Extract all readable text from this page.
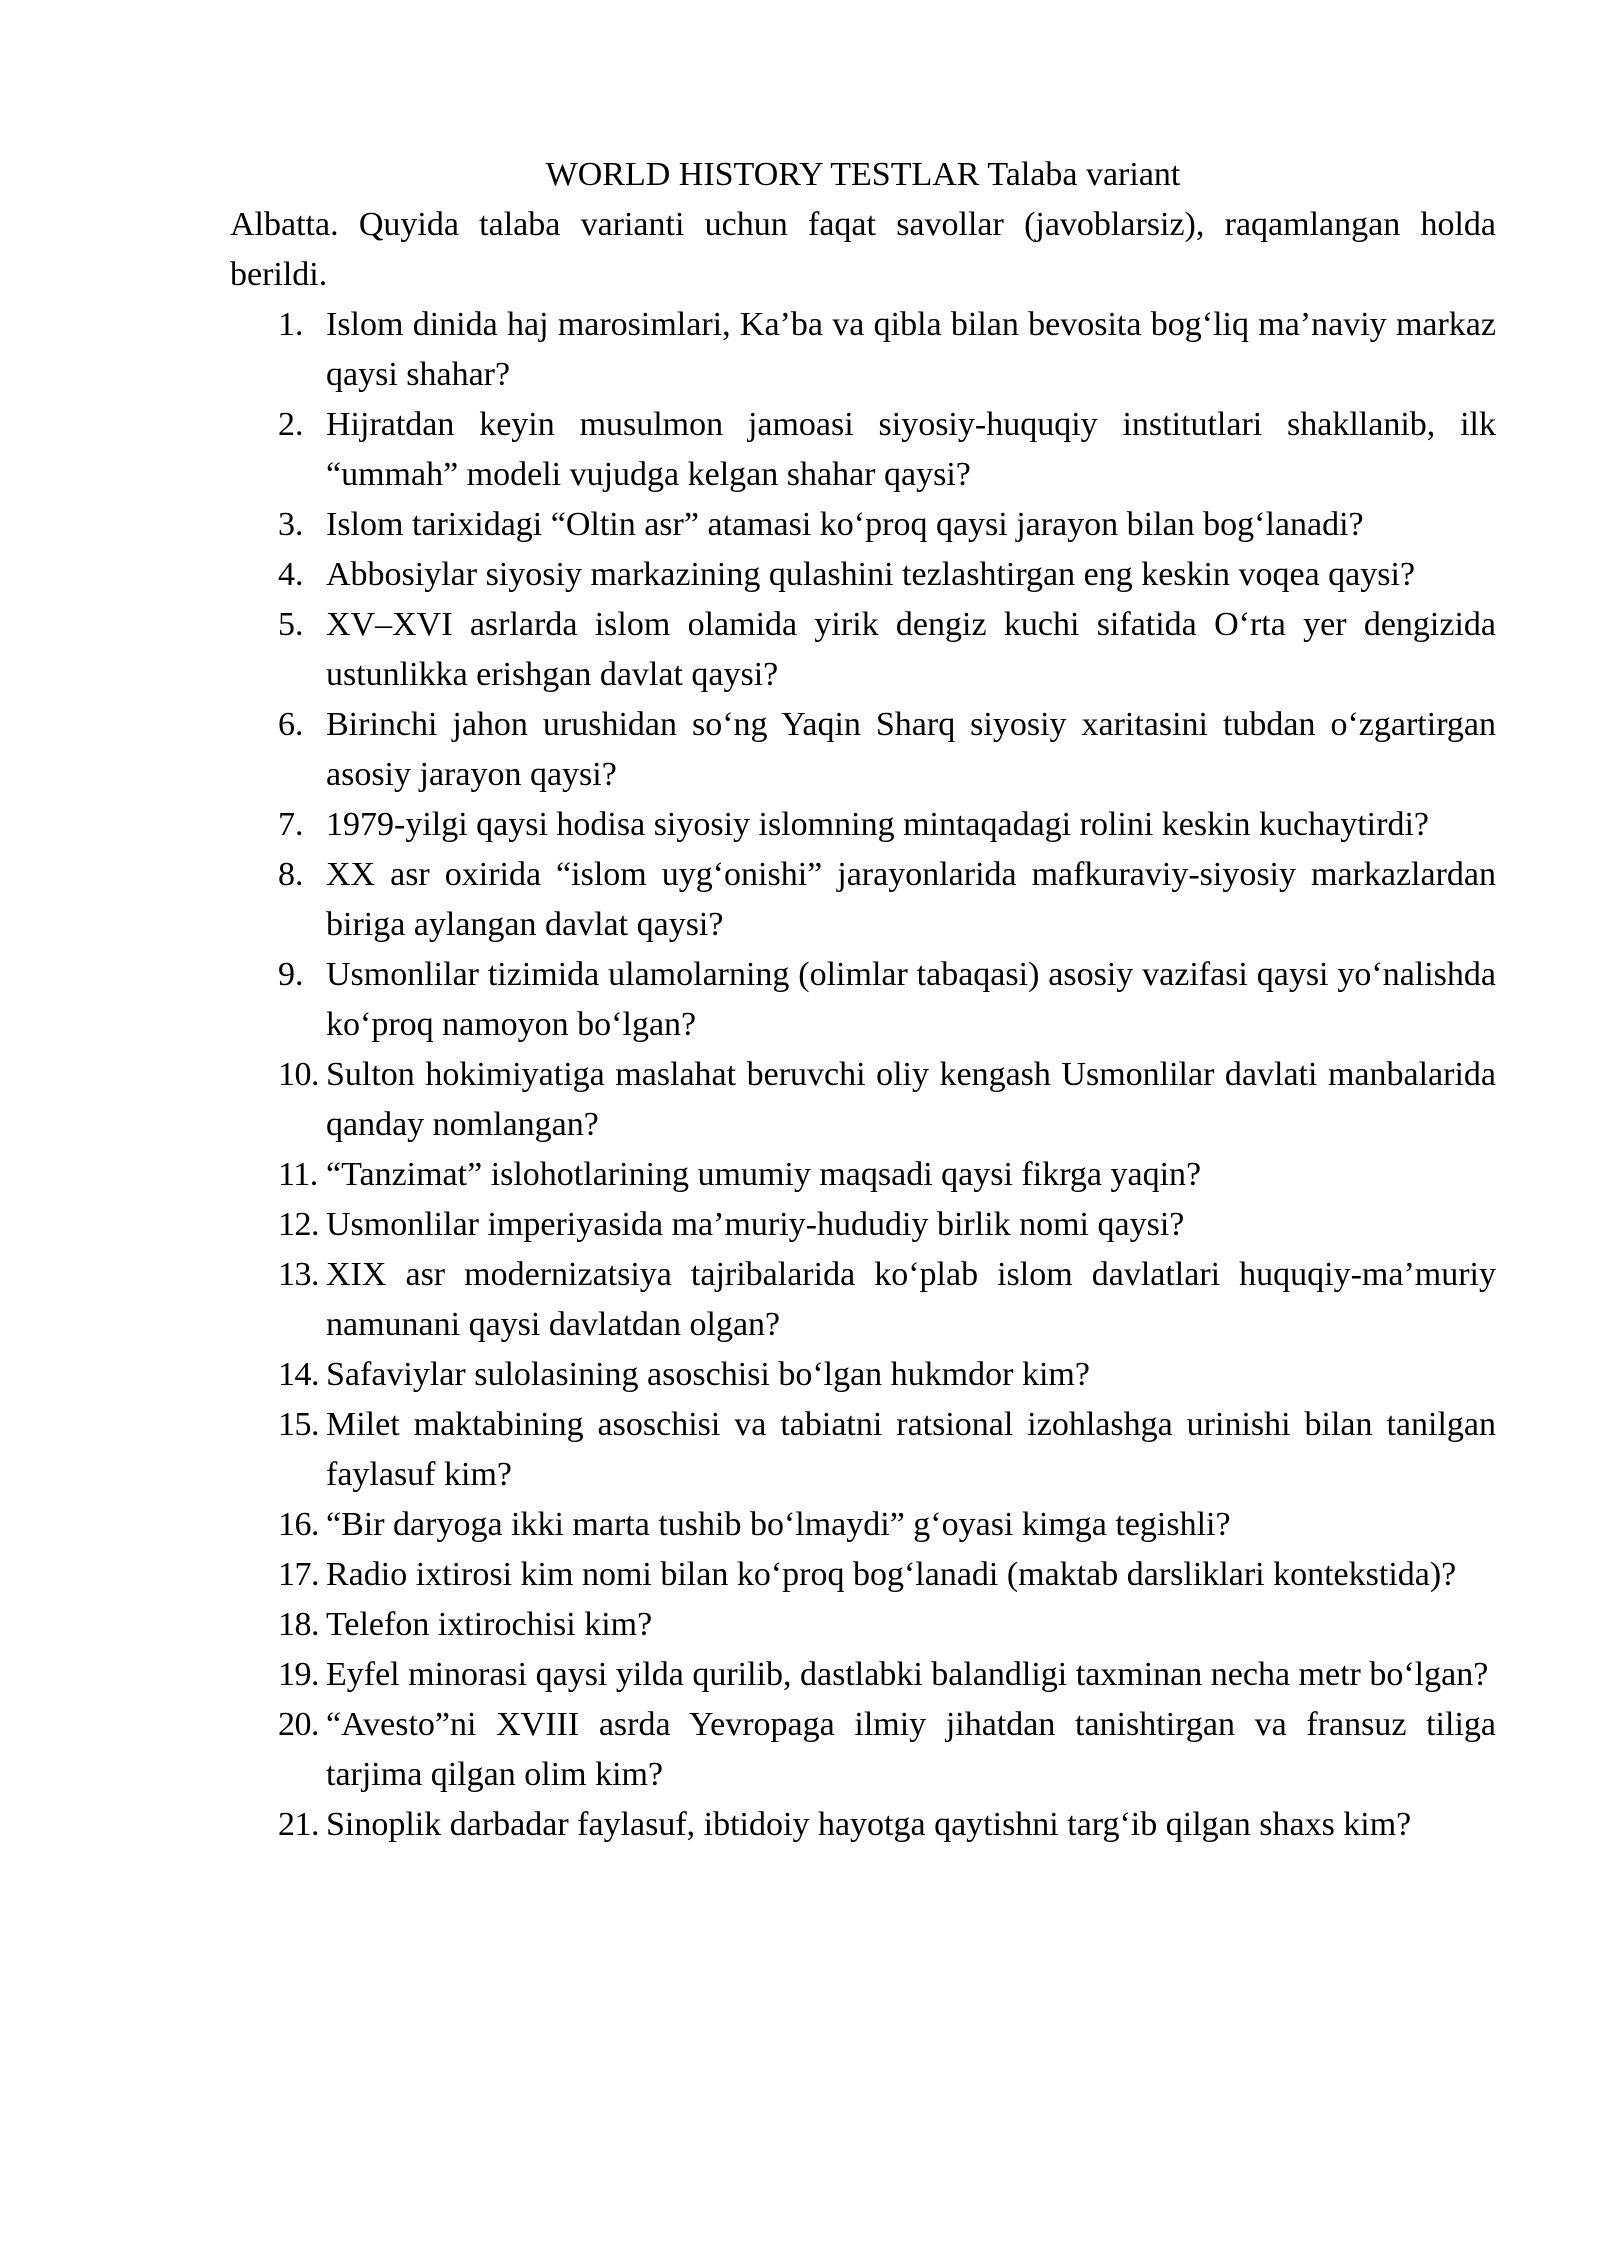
WORLD HISTORY TESTLAR Talaba variant

Albatta. Quyida talaba varianti uchun faqat savollar (javoblarsiz), raqamlangan holda berildi.

1. Islom dinida haj marosimlari, Ka’ba va qibla bilan bevosita bog‘liq ma’naviy markaz qaysi shahar?
2. Hijratdan keyin musulmon jamoasi siyosiy-huquqiy institutlari shakllanib, ilk “ummah” modeli vujudga kelgan shahar qaysi?
3. Islom tarixidagi “Oltin asr” atamasi ko‘proq qaysi jarayon bilan bog‘lanadi?
4. Abbosiylar siyosiy markazining qulashini tezlashtirgan eng keskin voqea qaysi?
5. XV–XVI asrlarda islom olamida yirik dengiz kuchi sifatida O‘rta yer dengizida ustunlikka erishgan davlat qaysi?
6. Birinchi jahon urushidan so‘ng Yaqin Sharq siyosiy xaritasini tubdan o‘zgartirgan asosiy jarayon qaysi?
7. 1979-yilgi qaysi hodisa siyosiy islomning mintaqadagi rolini keskin kuchaytirdi?
8. XX asr oxirida “islom uyg‘onishi” jarayonlarida mafkuraviy-siyosiy markazlardan biriga aylangan davlat qaysi?
9. Usmonlilar tizimida ulamolarning (olimlar tabaqasi) asosiy vazifasi qaysi yo‘nalishda ko‘proq namoyon bo‘lgan?
10. Sulton hokimiyatiga maslahat beruvchi oliy kengash Usmonlilar davlati manbalarida qanday nomlangan?
11. “Tanzimat” islohotlarining umumiy maqsadi qaysi fikrga yaqin?
12. Usmonlilar imperiyasida ma’muriy-hududiy birlik nomi qaysi?
13. XIX asr modernizatsiya tajribalarida ko‘plab islom davlatlari huquqiy-ma’muriy namunani qaysi davlatdan olgan?
14. Safaviylar sulolasining asoschisi bo‘lgan hukmdor kim?
15. Milet maktabining asoschisi va tabiatni ratsional izohlashga urinishi bilan tanilgan faylasuf kim?
16. “Bir daryoga ikki marta tushib bo‘lmaydi” g‘oyasi kimga tegishli?
17. Radio ixtirosi kim nomi bilan ko‘proq bog‘lanadi (maktab darsliklari kontekstida)?
18. Telefon ixtirochisi kim?
19. Eyfel minorasi qaysi yilda qurilib, dastlabki balandligi taxminan necha metr bo‘lgan?
20. “Avesto”ni XVIII asrda Yevropaga ilmiy jihatdan tanishtirgan va fransuz tiliga tarjima qilgan olim kim?
21. Sinoplik darbadar faylasuf, ibtidoiy hayotga qaytishni targ‘ib qilgan shaxs kim?
